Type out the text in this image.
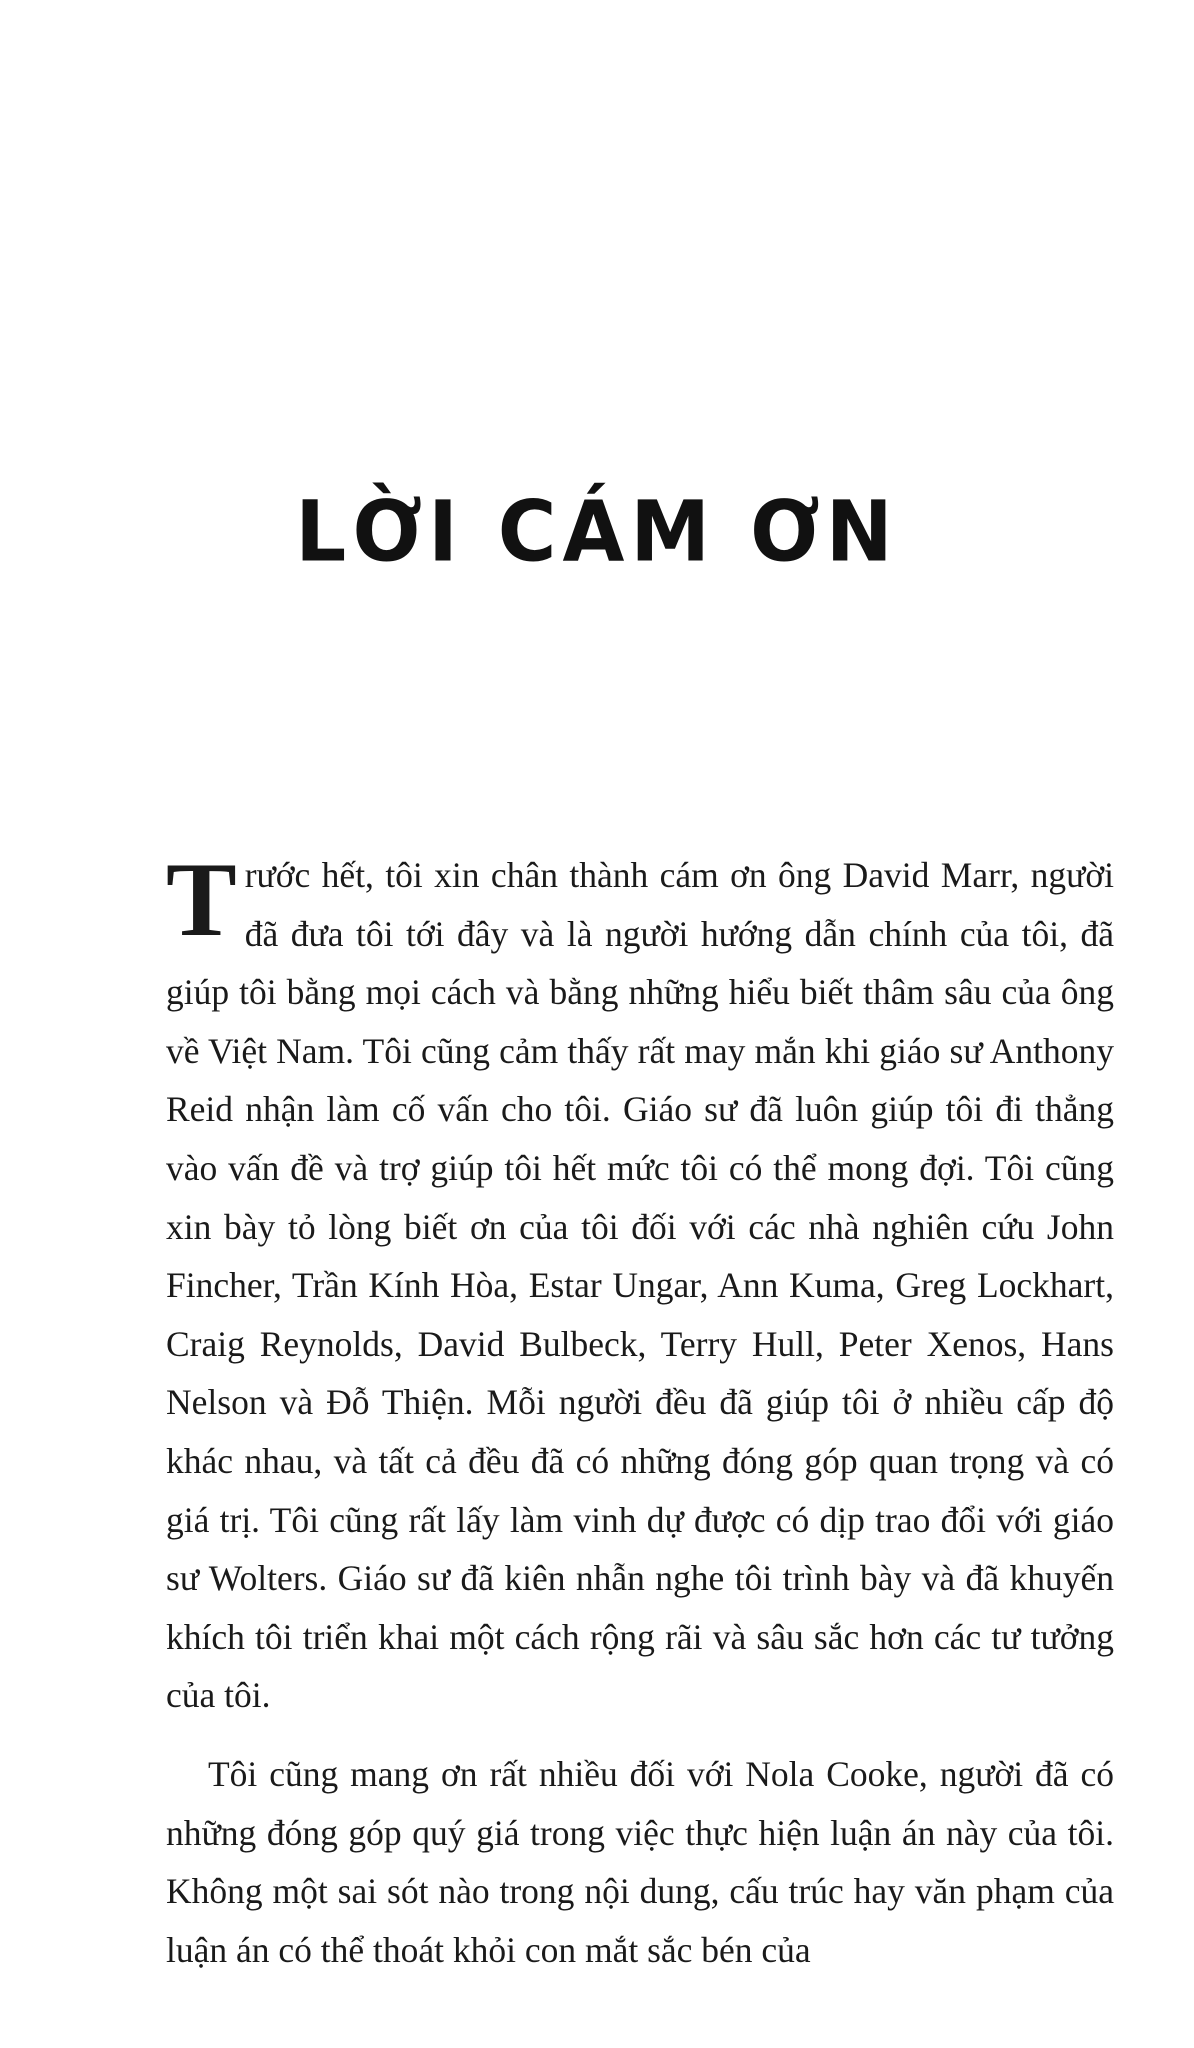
LỜI CÁM ƠN

Trước hết, tôi xin chân thành cám ơn ông David Marr, người đã đưa tôi tới đây và là người hướng dẫn chính của tôi, đã giúp tôi bằng mọi cách và bằng những hiểu biết thâm sâu của ông về Việt Nam. Tôi cũng cảm thấy rất may mắn khi giáo sư Anthony Reid nhận làm cố vấn cho tôi. Giáo sư đã luôn giúp tôi đi thẳng vào vấn đề và trợ giúp tôi hết mức tôi có thể mong đợi. Tôi cũng xin bày tỏ lòng biết ơn của tôi đối với các nhà nghiên cứu John Fincher, Trần Kính Hòa, Estar Ungar, Ann Kuma, Greg Lockhart, Craig Reynolds, David Bulbeck, Terry Hull, Peter Xenos, Hans Nelson và Đỗ Thiện. Mỗi người đều đã giúp tôi ở nhiều cấp độ khác nhau, và tất cả đều đã có những đóng góp quan trọng và có giá trị. Tôi cũng rất lấy làm vinh dự được có dịp trao đổi với giáo sư Wolters. Giáo sư đã kiên nhẫn nghe tôi trình bày và đã khuyến khích tôi triển khai một cách rộng rãi và sâu sắc hơn các tư tưởng của tôi.

Tôi cũng mang ơn rất nhiều đối với Nola Cooke, người đã có những đóng góp quý giá trong việc thực hiện luận án này của tôi. Không một sai sót nào trong nội dung, cấu trúc hay văn phạm của luận án có thể thoát khỏi con mắt sắc bén của
